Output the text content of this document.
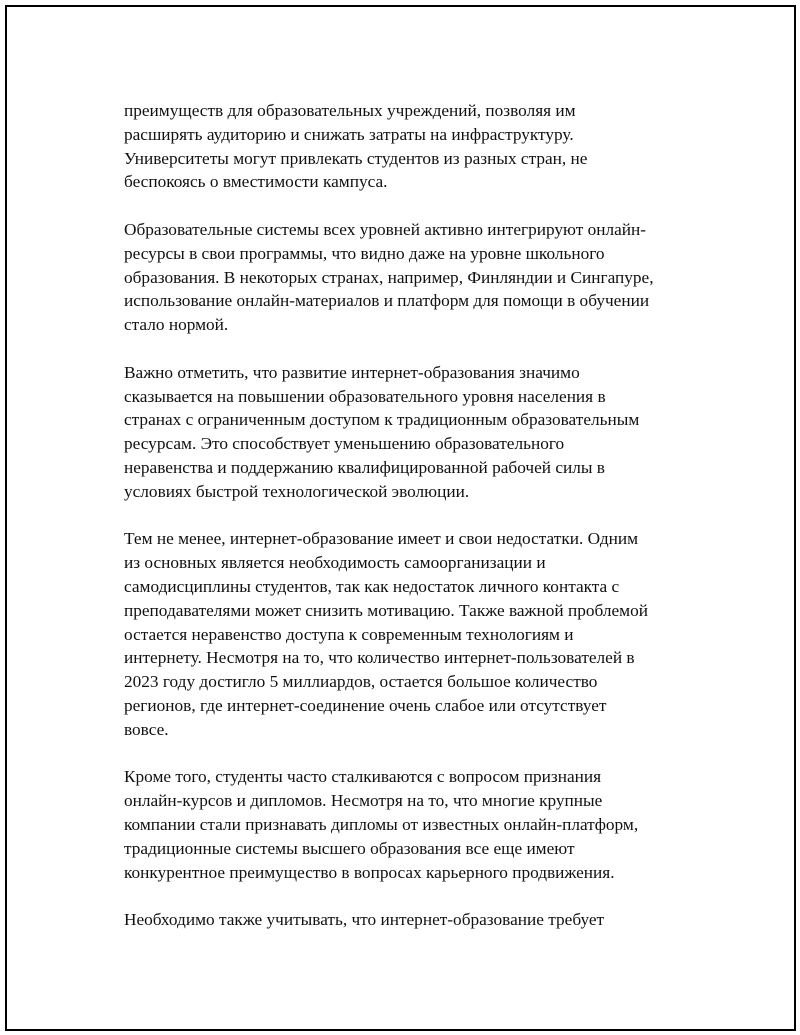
преимуществ для образовательных учреждений, позволяя им
расширять аудиторию и снижать затраты на инфраструктуру.
Университеты могут привлекать студентов из разных стран, не
беспокоясь о вместимости кампуса.

Образовательные системы всех уровней активно интегрируют онлайн-
ресурсы в свои программы, что видно даже на уровне школьного
образования. В некоторых странах, например, Финляндии и Сингапуре,
использование онлайн-материалов и платформ для помощи в обучении
стало нормой.

Важно отметить, что развитие интернет-образования значимо
сказывается на повышении образовательного уровня населения в
странах с ограниченным доступом к традиционным образовательным
ресурсам. Это способствует уменьшению образовательного
неравенства и поддержанию квалифицированной рабочей силы в
условиях быстрой технологической эволюции.

Тем не менее, интернет-образование имеет и свои недостатки. Одним
из основных является необходимость самоорганизации и
самодисциплины студентов, так как недостаток личного контакта с
преподавателями может снизить мотивацию. Также важной проблемой
остается неравенство доступа к современным технологиям и
интернету. Несмотря на то, что количество интернет-пользователей в
2023 году достигло 5 миллиардов, остается большое количество
регионов, где интернет-соединение очень слабое или отсутствует
вовсе.

Кроме того, студенты часто сталкиваются с вопросом признания
онлайн-курсов и дипломов. Несмотря на то, что многие крупные
компании стали признавать дипломы от известных онлайн-платформ,
традиционные системы высшего образования все еще имеют
конкурентное преимущество в вопросах карьерного продвижения.

Необходимо также учитывать, что интернет-образование требует
